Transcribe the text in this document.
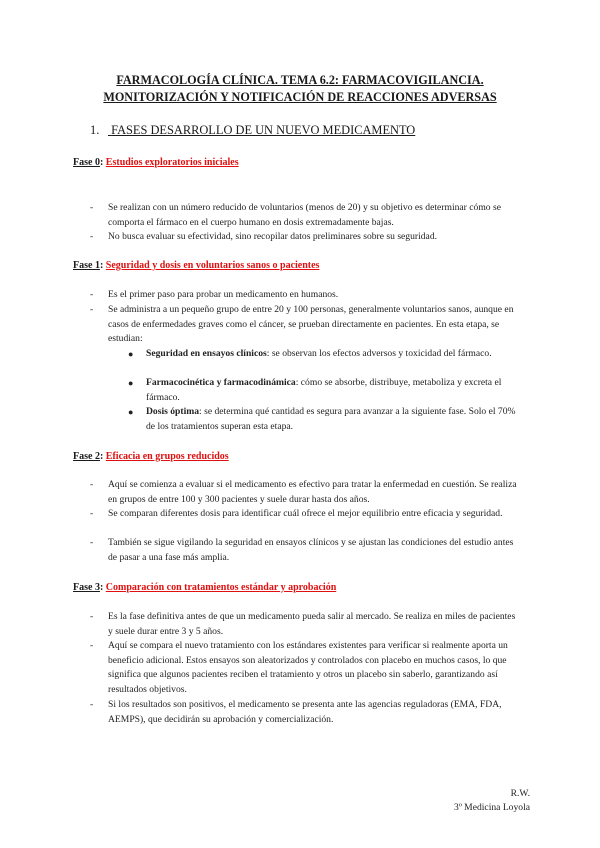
FARMACOLOGÍA CLÍNICA. TEMA 6.2: FARMACOVIGILANCIA.
MONITORIZACIÓN Y NOTIFICACIÓN DE REACCIONES ADVERSAS
1. FASES DESARROLLO DE UN NUEVO MEDICAMENTO
Fase 0: Estudios exploratorios iniciales
- Se realizan con un número reducido de voluntarios (menos de 20) y su objetivo es determinar cómo se comporta el fármaco en el cuerpo humano en dosis extremadamente bajas.
- No busca evaluar su efectividad, sino recopilar datos preliminares sobre su seguridad.
Fase 1: Seguridad y dosis en voluntarios sanos o pacientes
- Es el primer paso para probar un medicamento en humanos.
- Se administra a un pequeño grupo de entre 20 y 100 personas, generalmente voluntarios sanos, aunque en casos de enfermedades graves como el cáncer, se prueban directamente en pacientes. En esta etapa, se estudian:
● Seguridad en ensayos clínicos: se observan los efectos adversos y toxicidad del fármaco.
● Farmacocinética y farmacodinámica: cómo se absorbe, distribuye, metaboliza y excreta el fármaco.
● Dosis óptima: se determina qué cantidad es segura para avanzar a la siguiente fase. Solo el 70% de los tratamientos superan esta etapa.
Fase 2: Eficacia en grupos reducidos
- Aquí se comienza a evaluar si el medicamento es efectivo para tratar la enfermedad en cuestión. Se realiza en grupos de entre 100 y 300 pacientes y suele durar hasta dos años.
- Se comparan diferentes dosis para identificar cuál ofrece el mejor equilibrio entre eficacia y seguridad.
- También se sigue vigilando la seguridad en ensayos clínicos y se ajustan las condiciones del estudio antes de pasar a una fase más amplia.
Fase 3: Comparación con tratamientos estándar y aprobación
- Es la fase definitiva antes de que un medicamento pueda salir al mercado. Se realiza en miles de pacientes y suele durar entre 3 y 5 años.
- Aquí se compara el nuevo tratamiento con los estándares existentes para verificar si realmente aporta un beneficio adicional. Estos ensayos son aleatorizados y controlados con placebo en muchos casos, lo que significa que algunos pacientes reciben el tratamiento y otros un placebo sin saberlo, garantizando así resultados objetivos.
- Si los resultados son positivos, el medicamento se presenta ante las agencias reguladoras (EMA, FDA, AEMPS), que decidirán su aprobación y comercialización.
R.W.
3º Medicina Loyola
